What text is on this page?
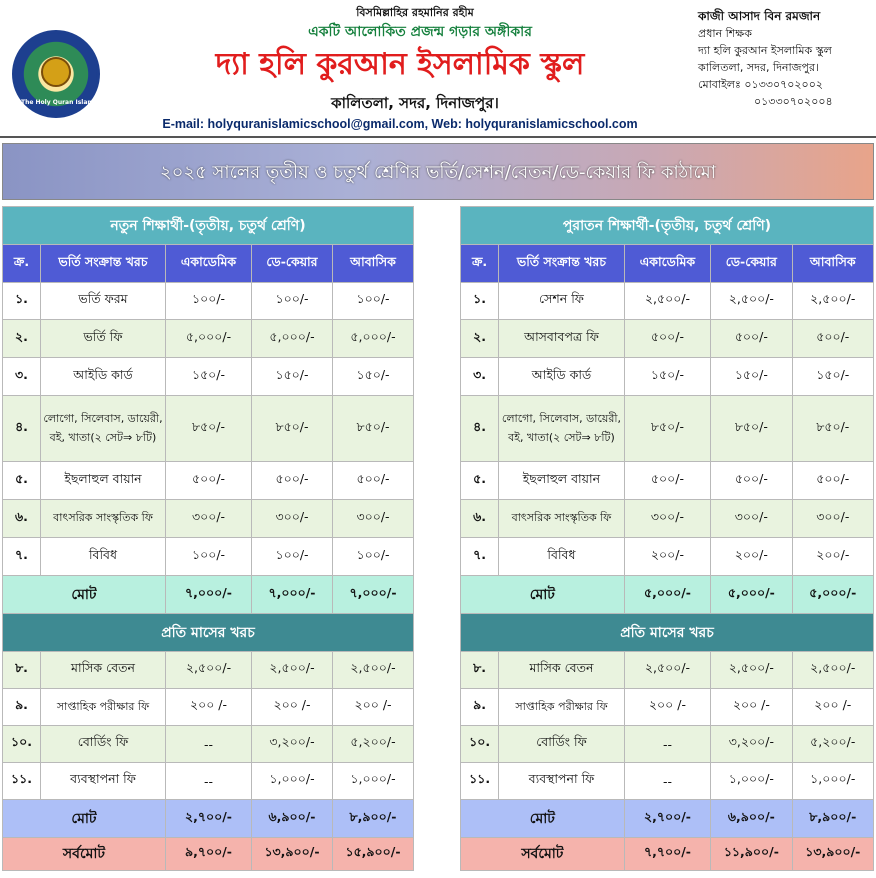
The Holy Quran Islamic School
বিসমিল্লাহির রহমানির রহীম
একটি আলোকিত প্রজন্ম গড়ার অঙ্গীকার
দ্যা হলি কুরআন ইসলামিক স্কুল
কালিতলা, সদর, দিনাজপুর।
E-mail: holyquranislamicschool@gmail.com, Web: holyquranislamicschool.com
কাজী আসাদ বিন রমজান
প্রধান শিক্ষক
দ্যা হলি কুরআন ইসলামিক স্কুল
কালিতলা, সদর, দিনাজপুর।
মোবাইলঃ ০১৩৩০৭০২০০২
০১৩৩০৭০২০০৪
২০২৫ সালের তৃতীয় ও চতুর্থ শ্রেণির ভর্তি/সেশন/বেতন/ডে-কেয়ার ফি কাঠামো
নতুন শিক্ষার্থী-(তৃতীয়, চতুর্থ শ্রেণি)				
ক্র.	ভর্তি সংক্রান্ত খরচ	একাডেমিক	ডে-কেয়ার	আবাসিক
১.	ভর্তি ফরম	১০০/-	১০০/-	১০০/-
২.	ভর্তি ফি	৫,০০০/-	৫,০০০/-	৫,০০০/-
৩.	আইডি কার্ড	১৫০/-	১৫০/-	১৫০/-
৪.	লোগো, সিলেবাস, ডায়েরী, বই, খাতা(২ সেট⇒ ৮টি)	৮৫০/-	৮৫০/-	৮৫০/-
৫.	ইছলাহুল বায়ান	৫০০/-	৫০০/-	৫০০/-
৬.	বাৎসরিক সাংস্কৃতিক ফি	৩০০/-	৩০০/-	৩০০/-
৭.	বিবিধ	১০০/-	১০০/-	১০০/-
মোট		৭,০০০/-	৭,০০০/-	৭,০০০/-
প্রতি মাসের খরচ				
৮.	মাসিক বেতন	২,৫০০/-	২,৫০০/-	২,৫০০/-
৯.	সাপ্তাহিক পরীক্ষার ফি	২০০ /-	২০০ /-	২০০ /-
১০.	বোর্ডিং ফি	--	৩,২০০/-	৫,২০০/-
১১.	ব্যবস্থাপনা ফি	--	১,০০০/-	১,০০০/-
মোট		২,৭০০/-	৬,৯০০/-	৮,৯০০/-
সর্বমোট		৯,৭০০/-	১৩,৯০০/-	১৫,৯০০/-
পুরাতন শিক্ষার্থী-(তৃতীয়, চতুর্থ শ্রেণি)				
ক্র.	ভর্তি সংক্রান্ত খরচ	একাডেমিক	ডে-কেয়ার	আবাসিক
১.	সেশন ফি	২,৫০০/-	২,৫০০/-	২,৫০০/-
২.	আসবাবপত্র ফি	৫০০/-	৫০০/-	৫০০/-
৩.	আইডি কার্ড	১৫০/-	১৫০/-	১৫০/-
৪.	লোগো, সিলেবাস, ডায়েরী, বই, খাতা(২ সেট⇒ ৮টি)	৮৫০/-	৮৫০/-	৮৫০/-
৫.	ইছলাহুল বায়ান	৫০০/-	৫০০/-	৫০০/-
৬.	বাৎসরিক সাংস্কৃতিক ফি	৩০০/-	৩০০/-	৩০০/-
৭.	বিবিধ	২০০/-	২০০/-	২০০/-
মোট		৫,০০০/-	৫,০০০/-	৫,০০০/-
প্রতি মাসের খরচ				
৮.	মাসিক বেতন	২,৫০০/-	২,৫০০/-	২,৫০০/-
৯.	সাপ্তাহিক পরীক্ষার ফি	২০০ /-	২০০ /-	২০০ /-
১০.	বোর্ডিং ফি	--	৩,২০০/-	৫,২০০/-
১১.	ব্যবস্থাপনা ফি	--	১,০০০/-	১,০০০/-
মোট		২,৭০০/-	৬,৯০০/-	৮,৯০০/-
সর্বমোট		৭,৭০০/-	১১,৯০০/-	১৩,৯০০/-
